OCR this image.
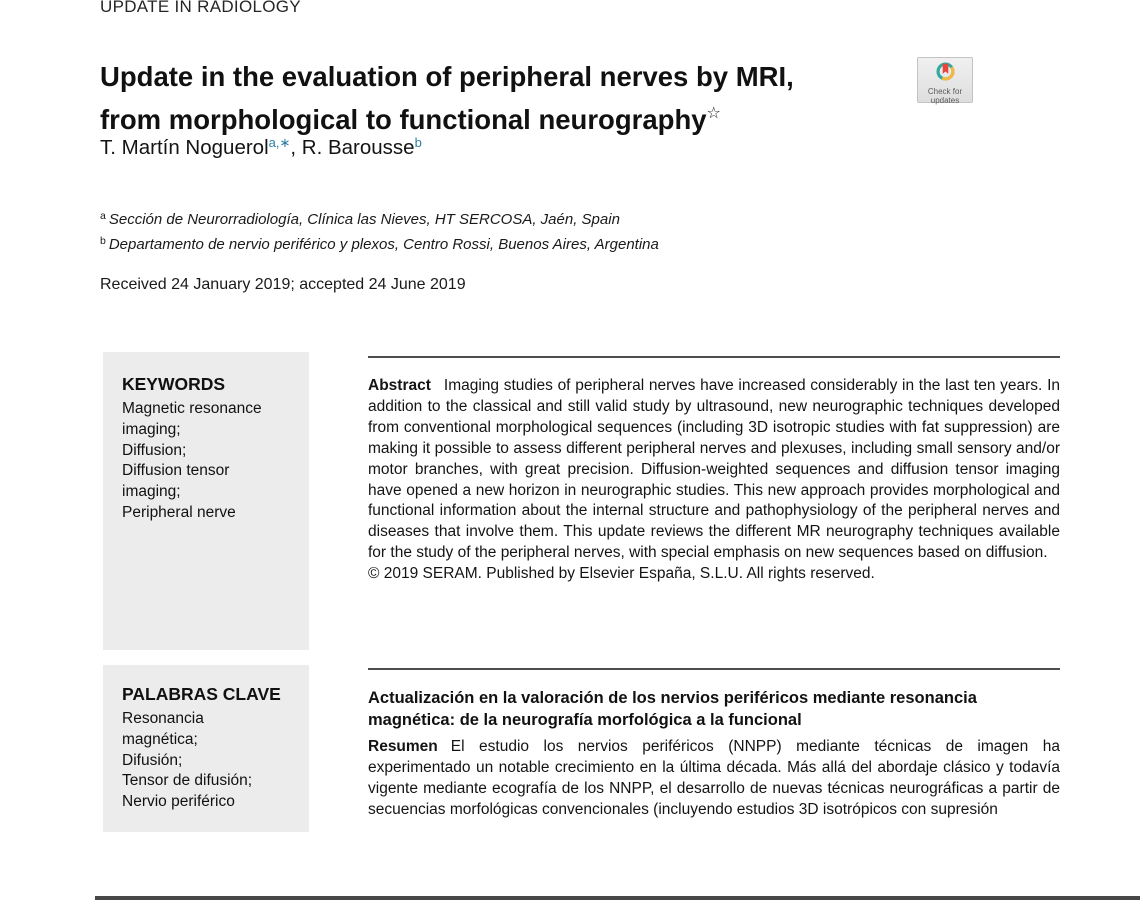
UPDATE IN RADIOLOGY
Update in the evaluation of peripheral nerves by MRI,
from morphological to functional neurography☆
Check for
updates
T. Martín Noguerol$^{a,∗}$, R. Barousse$^b$
$^a$ Sección de Neurorradiología, Clínica las Nieves, HT SERCOSA, Jaén, Spain
$^b$ Departamento de nervio periférico y plexos, Centro Rossi, Buenos Aires, Argentina
Received 24 January 2019; accepted 24 June 2019
KEYWORDS
Magnetic resonance
imaging;
Diffusion;
Diffusion tensor
imaging;
Peripheral nerve

Abstract Imaging studies of peripheral nerves have increased considerably in the last ten years. In addition to the classical and still valid study by ultrasound, new neurographic techniques developed from conventional morphological sequences (including 3D isotropic studies with fat suppression) are making it possible to assess different peripheral nerves and plexuses, including small sensory and/or motor branches, with great precision. Diffusion-weighted sequences and diffusion tensor imaging have opened a new horizon in neurographic studies. This new approach provides morphological and functional information about the internal structure and pathophysiology of the peripheral nerves and diseases that involve them. This update reviews the different MR neurography techniques available for the study of the peripheral nerves, with special emphasis on new sequences based on diffusion.

© 2019 SERAM. Published by Elsevier España, S.L.U. All rights reserved.
PALABRAS CLAVE
Resonancia
magnética;
Difusión;
Tensor de difusión;
Nervio periférico
Actualización en la valoración de los nervios periféricos mediante resonancia magnética: de la neurografía morfológica a la funcional

Resumen El estudio los nervios periféricos (NNPP) mediante técnicas de imagen ha experimentado un notable crecimiento en la última década. Más allá del abordaje clásico y todavía vigente mediante ecografía de los NNPP, el desarrollo de nuevas técnicas neurográficas a partir de secuencias morfológicas convencionales (incluyendo estudios 3D isotrópicos con supresión
